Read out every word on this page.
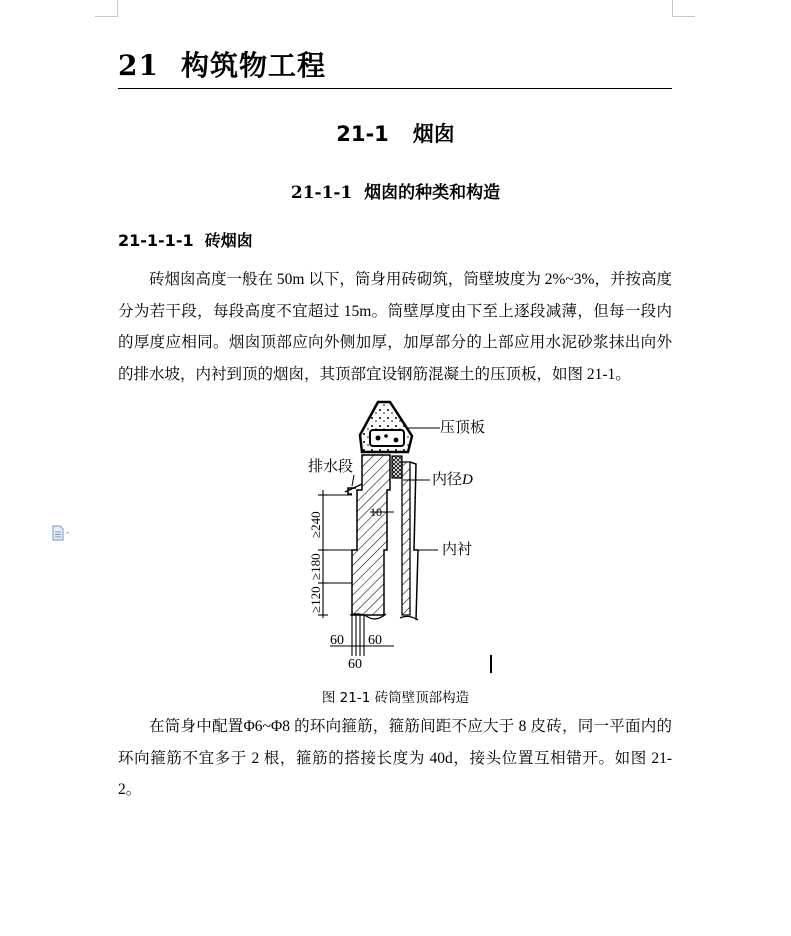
21 构筑物工程
21-1 烟囱
21-1-1 烟囱的种类和构造
21-1-1-1 砖烟囱
砖烟囱高度一般在 50m 以下，筒身用砖砌筑，筒壁坡度为 2%~3%，并按高度分为若干段，每段高度不宜超过 15m。筒壁厚度由下至上逐段减薄，但每一段内的厚度应相同。烟囱顶部应向外侧加厚，加厚部分的上部应用水泥砂浆抹出向外的排水坡，内衬到顶的烟囱，其顶部宜设钢筋混凝土的压顶板，如图 21-1。
压顶板
排水段
内径D
内衬
10
≥240
≥180
≥120
60 60
60
图 21-1 砖筒壁顶部构造
在筒身中配置Φ6~Φ8 的环向箍筋，箍筋间距不应大于 8 皮砖，同一平面内的环向箍筋不宜多于 2 根，箍筋的搭接长度为 40d，接头位置互相错开。如图 21-2。
